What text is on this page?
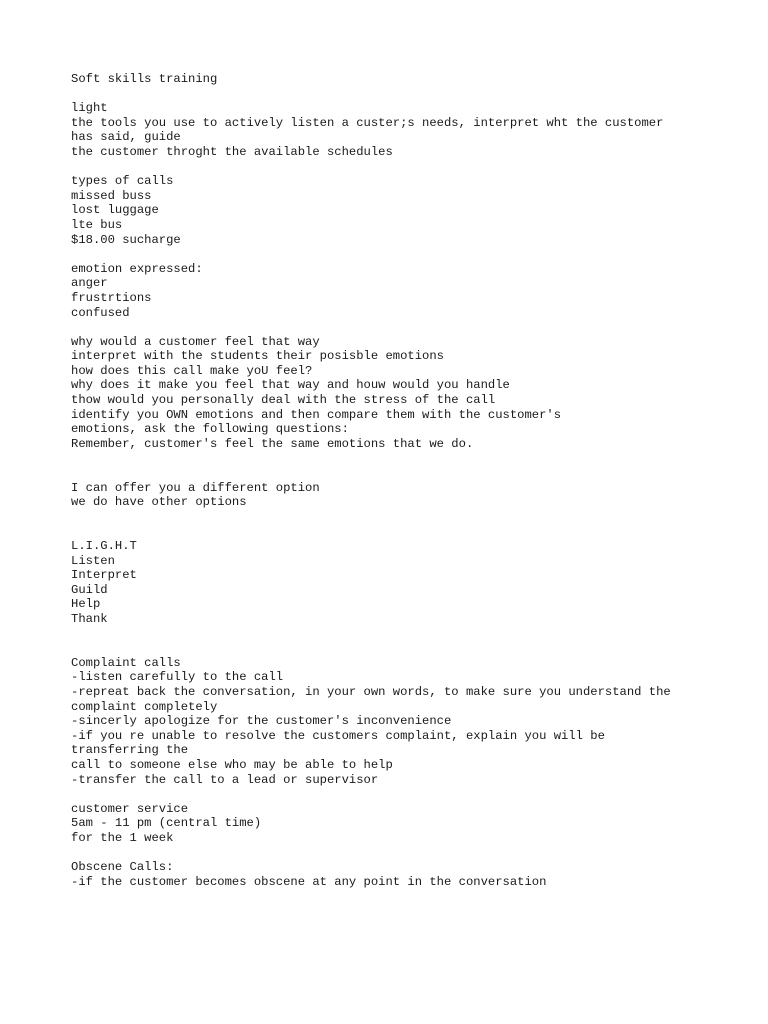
Soft skills training
light
the tools you use to actively listen a custer;s needs, interpret wht the customer
has said, guide
the customer throght the available schedules
types of calls
missed buss
lost luggage
lte bus
$18.00 sucharge
emotion expressed:
anger
frustrtions
confused
why would a customer feel that way
interpret with the students their posisble emotions
how does this call make yoU feel?
why does it make you feel that way and houw would you handle
thow would you personally deal with the stress of the call
identify you OWN emotions and then compare them with the customer's
emotions, ask the following questions:
Remember, customer's feel the same emotions that we do.
I can offer you a different option
we do have other options
L.I.G.H.T
Listen
Interpret
Guild
Help
Thank
Complaint calls
-listen carefully to the call
-repreat back the conversation, in your own words, to make sure you understand the
complaint completely
-sincerly apologize for the customer's inconvenience
-if you re unable to resolve the customers complaint, explain you will be
transferring the
call to someone else who may be able to help
-transfer the call to a lead or supervisor
customer service
5am - 11 pm (central time)
for the 1 week
Obscene Calls:
-if the customer becomes obscene at any point in the conversation
